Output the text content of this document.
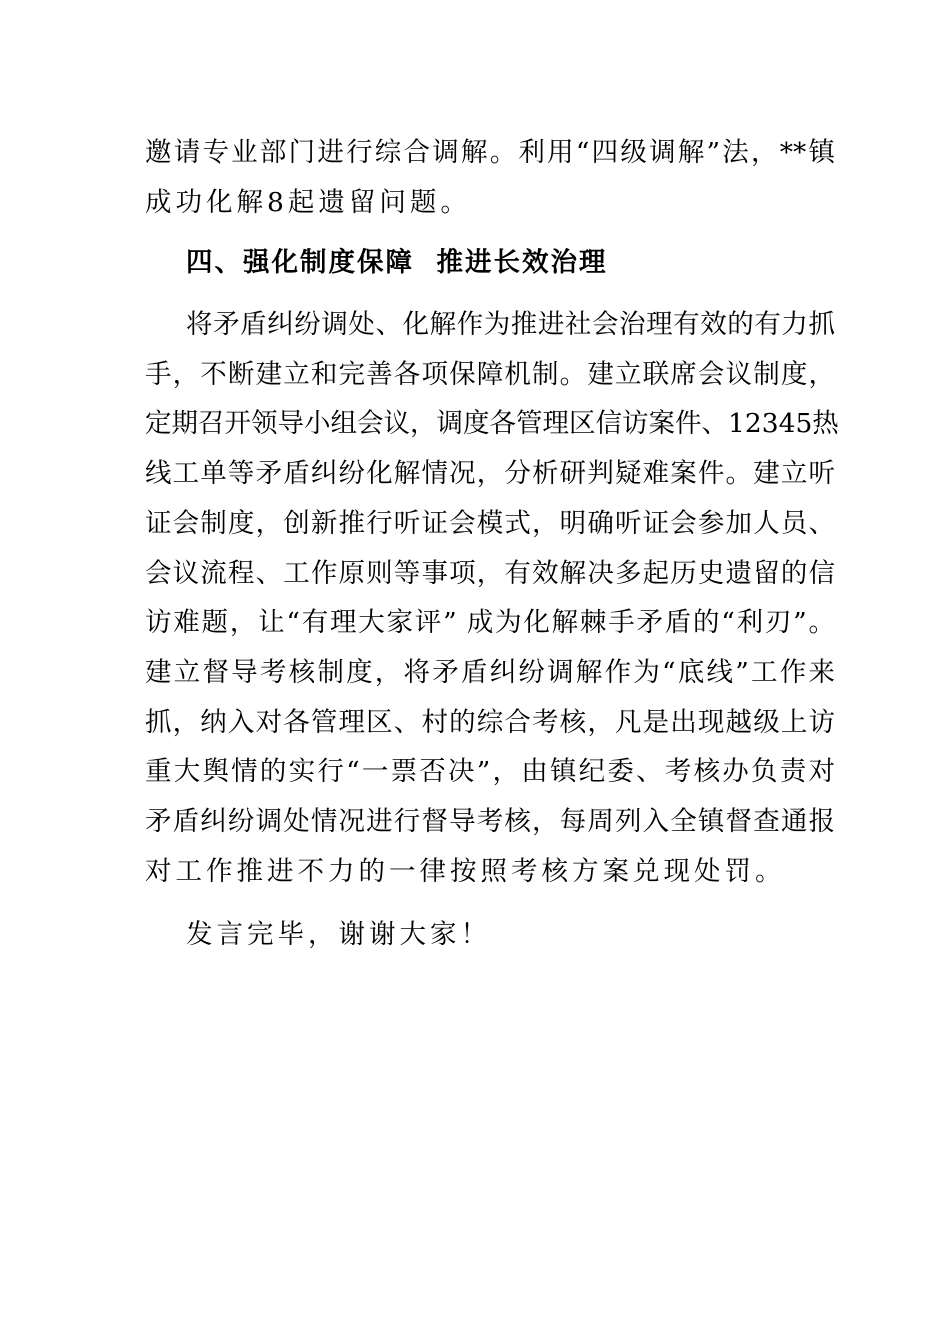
邀请专业部门进行综合调解。利用“四级调解”法，**镇
成功化解8起遗留问题。
四、强化制度保障  推进长效治理
将矛盾纠纷调处、化解作为推进社会治理有效的有力抓
手，不断建立和完善各项保障机制。建立联席会议制度，
定期召开领导小组会议，调度各管理区信访案件、12345热
线工单等矛盾纠纷化解情况，分析研判疑难案件。建立听
证会制度，创新推行听证会模式，明确听证会参加人员、
会议流程、工作原则等事项，有效解决多起历史遗留的信
访难题，让“有理大家评” 成为化解棘手矛盾的“利刃”。
建立督导考核制度，将矛盾纠纷调解作为“底线”工作来
抓，纳入对各管理区、村的综合考核，凡是出现越级上访
重大舆情的实行“一票否决”，由镇纪委、考核办负责对
矛盾纠纷调处情况进行督导考核，每周列入全镇督查通报
对工作推进不力的一律按照考核方案兑现处罚。
发言完毕，谢谢大家！
